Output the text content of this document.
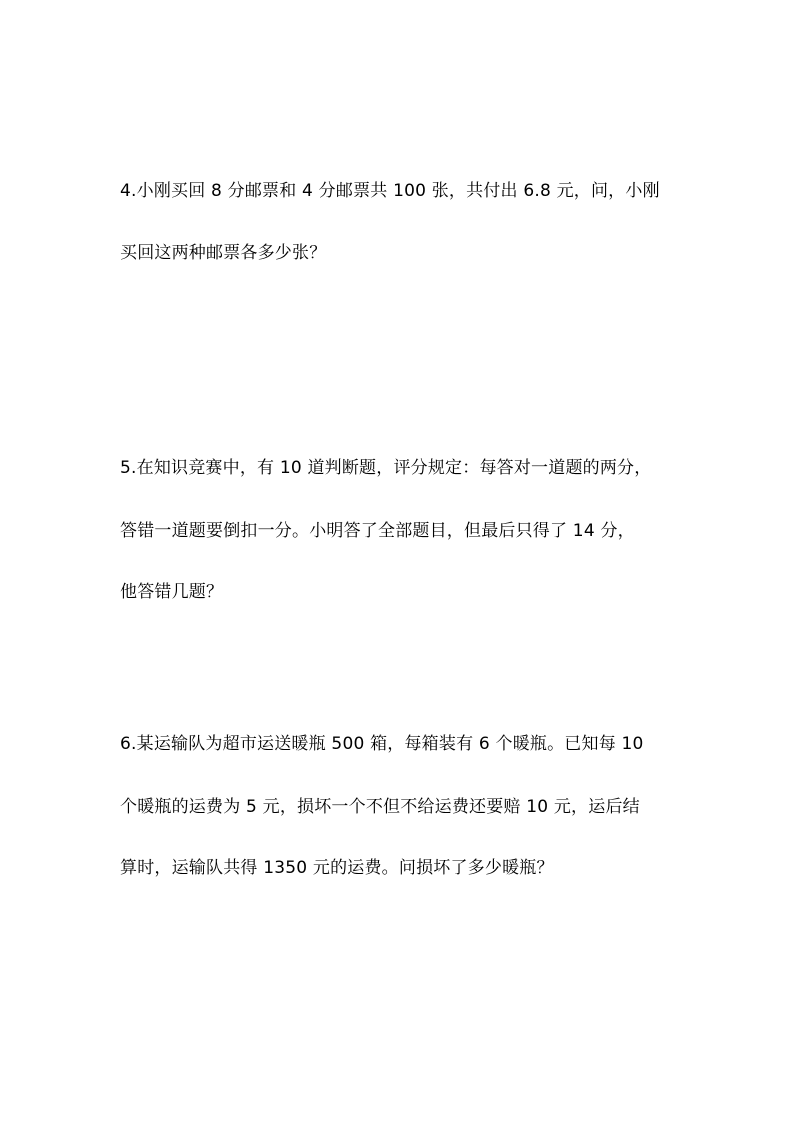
4.小刚买回 8 分邮票和 4 分邮票共 100 张，共付出 6.8 元，问，小刚
买回这两种邮票各多少张？
5.在知识竞赛中，有 10 道判断题，评分规定：每答对一道题的两分，
答错一道题要倒扣一分。小明答了全部题目，但最后只得了 14 分，
他答错几题？
6.某运输队为超市运送暖瓶 500 箱，每箱装有 6 个暖瓶。已知每 10
个暖瓶的运费为 5 元，损坏一个不但不给运费还要赔 10 元，运后结
算时，运输队共得 1350 元的运费。问损坏了多少暖瓶？
